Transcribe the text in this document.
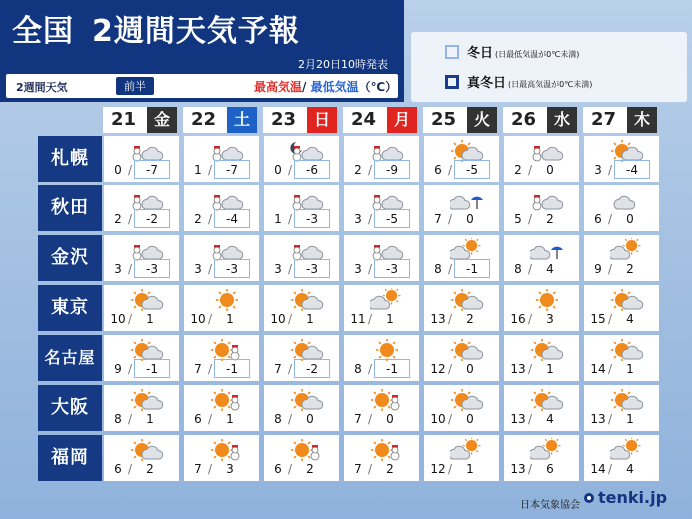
全国 2週間天気予報
2月20日10時発表
2週間天気	前半	最高気温/ 最低気温（℃）
冬日 (日最低気温が0℃未満)
真冬日 (日最高気温が0℃未満)
21	金	22	土	23	日	24	月	25	火	26	水	27	木
札幌
0 /	-7	1 /	-7	0 /	-6	2 /	-9	6 /	-5	2 /	0	3 /	-4
秋田
2 /	-2	2 /	-4	1 /	-3	3 /	-5	7 /	0	5 /	2	6 /	0
金沢
3 /	-3	3 /	-3	3 /	-3	3 /	-3	8 /	-1	8 /	4	9 /	2
東京
10 /	1	10 /	1	10 /	1	11 /	1	13 /	2	16 /	3	15 /	4
名古屋
9 /	-1	7 /	-1	7 /	-2	8 /	-1	12 /	0	13 /	1	14 /	1
大阪
8 /	1	6 /	1	8 /	0	7 /	0	10 /	0	13 /	4	13 /	1
福岡
6 /	2	7 /	3	6 /	2	7 /	2	12 /	1	13 /	6	14 /	4
日本気象協会 tenki.jp
